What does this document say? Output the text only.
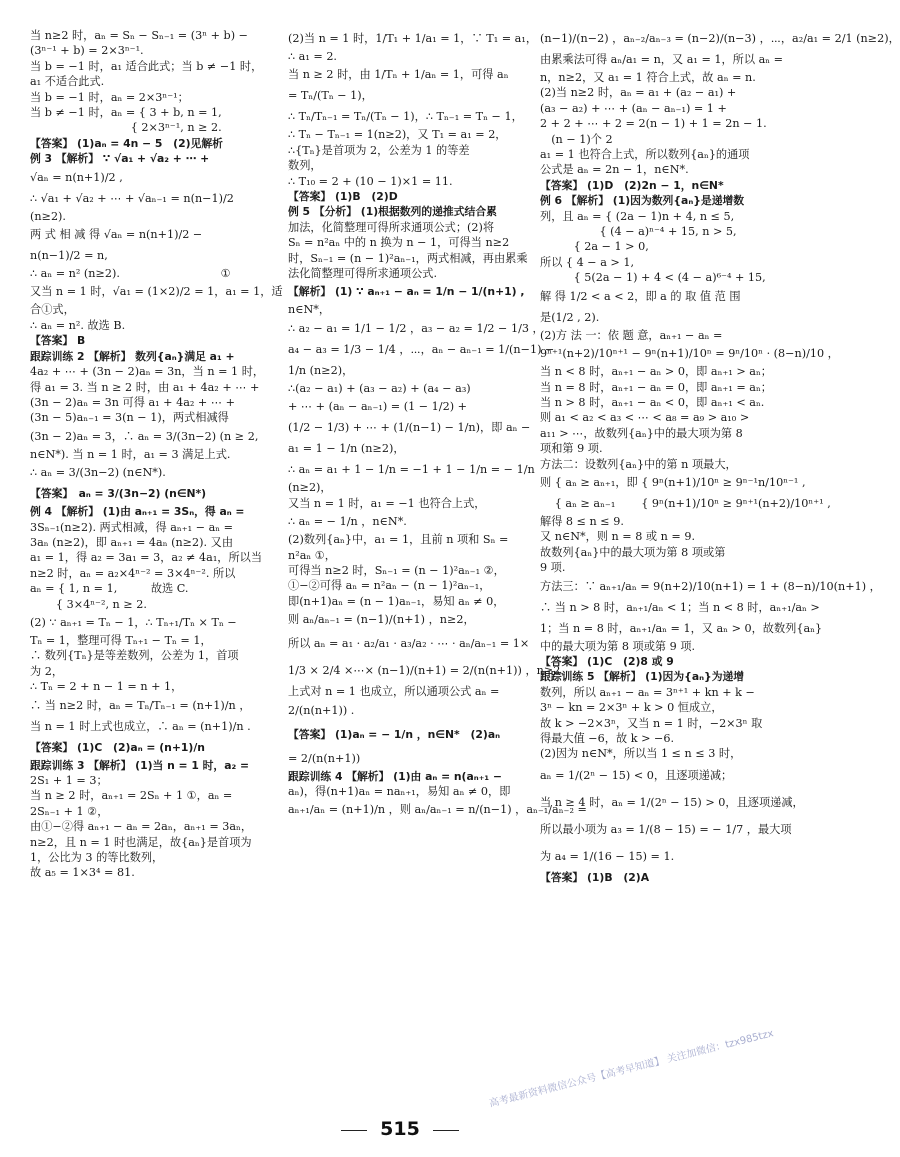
当 n≥2 时，aₙ = Sₙ − Sₙ₋₁ = (3ⁿ + b) −
(3ⁿ⁻¹ + b) = 2×3ⁿ⁻¹.
当 b = −1 时，a₁ 适合此式；当 b ≠ −1 时，
a₁ 不适合此式.
当 b = −1 时，aₙ = 2×3ⁿ⁻¹；
当 b ≠ −1 时，aₙ = { 3 + b, n = 1,
　　　　　　　　　{ 2×3ⁿ⁻¹, n ≥ 2.
【答案】 (1)aₙ = 4n − 5　(2)见解析
例 3 【解析】 ∵ √a₁ + √a₂ + ⋯ +
√aₙ = n(n+1)/2 ,
∴ √a₁ + √a₂ + ⋯ + √aₙ₋₁ = n(n−1)/2
(n≥2).
两 式 相 减 得 √aₙ = n(n+1)/2 −
n(n−1)/2 = n,
∴ aₙ = n² (n≥2).　　　　　　　　　①
又当 n = 1 时，√a₁ = (1×2)/2 = 1，a₁ = 1，适
合①式，
∴ aₙ = n². 故选 B.
【答案】 B
跟踪训练 2 【解析】 数列{aₙ}满足 a₁ +
4a₂ + ⋯ + (3n − 2)aₙ = 3n，当 n = 1 时，
得 a₁ = 3. 当 n ≥ 2 时，由 a₁ + 4a₂ + ⋯ +
(3n − 2)aₙ = 3n 可得 a₁ + 4a₂ + ⋯ +
(3n − 5)aₙ₋₁ = 3(n − 1)，两式相减得
(3n − 2)aₙ = 3，∴ aₙ = 3/(3n−2) (n ≥ 2,
n∈N*). 当 n = 1 时，a₁ = 3 满足上式.
∴ aₙ = 3/(3n−2) (n∈N*).
【答案】　aₙ = 3/(3n−2) (n∈N*)
例 4 【解析】 (1)由 aₙ₊₁ = 3Sₙ，得 aₙ =
3Sₙ₋₁(n≥2). 两式相减，得 aₙ₊₁ − aₙ =
3aₙ (n≥2)，即 aₙ₊₁ = 4aₙ (n≥2). 又由
a₁ = 1，得 a₂ = 3a₁ = 3，a₂ ≠ 4a₁，所以当
n≥2 时，aₙ = a₂×4ⁿ⁻² = 3×4ⁿ⁻². 所以
aₙ = { 1, n = 1,　　　故选 C.
　　 { 3×4ⁿ⁻², n ≥ 2.
(2) ∵ aₙ₊₁ = Tₙ − 1，∴ Tₙ₊₁/Tₙ × Tₙ −
Tₙ = 1，整理可得 Tₙ₊₁ − Tₙ = 1，
∴ 数列{Tₙ}是等差数列，公差为 1，首项
为 2，
∴ Tₙ = 2 + n − 1 = n + 1，
∴ 当 n≥2 时，aₙ = Tₙ/Tₙ₋₁ = (n+1)/n ，
当 n = 1 时上式也成立，∴ aₙ = (n+1)/n .
【答案】 (1)C　(2)aₙ = (n+1)/n
跟踪训练 3 【解析】 (1)当 n = 1 时，a₂ =
2S₁ + 1 = 3；
当 n ≥ 2 时，aₙ₊₁ = 2Sₙ + 1 ①，aₙ =
2Sₙ₋₁ + 1 ②，
由①−②得 aₙ₊₁ − aₙ = 2aₙ，aₙ₊₁ = 3aₙ，
n≥2，且 n = 1 时也满足，故{aₙ}是首项为
1，公比为 3 的等比数列，
故 a₅ = 1×3⁴ = 81.
(2)当 n = 1 时，1/T₁ + 1/a₁ = 1，∵ T₁ = a₁，
∴ a₁ = 2.
当 n ≥ 2 时，由 1/Tₙ + 1/aₙ = 1，可得 aₙ
= Tₙ/(Tₙ − 1)，
∴ Tₙ/Tₙ₋₁ = Tₙ/(Tₙ − 1)，∴ Tₙ₋₁ = Tₙ − 1，
∴ Tₙ − Tₙ₋₁ = 1(n≥2)，又 T₁ = a₁ = 2，
∴{Tₙ}是首项为 2，公差为 1 的等差
数列，
∴ T₁₀ = 2 + (10 − 1)×1 = 11.
【答案】 (1)B　(2)D
例 5 【分析】 (1)根据数列的递推式结合累
加法，化简整理可得所求通项公式；(2)将
Sₙ = n²aₙ 中的 n 换为 n − 1，可得当 n≥2
时，Sₙ₋₁ = (n − 1)²aₙ₋₁，两式相减，再由累乘
法化简整理可得所求通项公式.
【解析】 (1) ∵ aₙ₊₁ − aₙ = 1/n − 1/(n+1) ,
n∈N*，
∴ a₂ − a₁ = 1/1 − 1/2 ，a₃ − a₂ = 1/2 − 1/3 ，
a₄ − a₃ = 1/3 − 1/4 ，⋯，aₙ − aₙ₋₁ = 1/(n−1) −
1/n (n≥2)，
∴(a₂ − a₁) + (a₃ − a₂) + (a₄ − a₃)
+ ⋯ + (aₙ − aₙ₋₁) = (1 − 1/2) +
(1/2 − 1/3) + ⋯ + (1/(n−1) − 1/n)，即 aₙ −
a₁ = 1 − 1/n (n≥2)，
∴ aₙ = a₁ + 1 − 1/n = −1 + 1 − 1/n = − 1/n
(n≥2)，
又当 n = 1 时，a₁ = −1 也符合上式，
∴ aₙ = − 1/n ，n∈N*.
(2)数列{aₙ}中，a₁ = 1，且前 n 项和 Sₙ =
n²aₙ ①，
可得当 n≥2 时，Sₙ₋₁ = (n − 1)²aₙ₋₁ ②，
①−②可得 aₙ = n²aₙ − (n − 1)²aₙ₋₁，
即(n+1)aₙ = (n − 1)aₙ₋₁，易知 aₙ ≠ 0，
则 aₙ/aₙ₋₁ = (n−1)/(n+1) ，n≥2，
所以 aₙ = a₁ · a₂/a₁ · a₃/a₂ · ⋯ · aₙ/aₙ₋₁ = 1×
1/3 × 2/4 ×⋯× (n−1)/(n+1) = 2/(n(n+1)) ，n≥2，
上式对 n = 1 也成立，所以通项公式 aₙ =
2/(n(n+1)) .
【答案】 (1)aₙ = − 1/n ，n∈N*　(2)aₙ
= 2/(n(n+1))
跟踪训练 4 【解析】 (1)由 aₙ = n(aₙ₊₁ −
aₙ)，得(n+1)aₙ = naₙ₊₁，易知 aₙ ≠ 0，即
aₙ₊₁/aₙ = (n+1)/n ，则 aₙ/aₙ₋₁ = n/(n−1) ，aₙ₋₁/aₙ₋₂ =
(n−1)/(n−2) ，aₙ₋₂/aₙ₋₃ = (n−2)/(n−3) ，⋯，a₂/a₁ = 2/1 (n≥2)，
由累乘法可得 aₙ/a₁ = n，又 a₁ = 1，所以 aₙ =
n，n≥2，又 a₁ = 1 符合上式，故 aₙ = n.
(2)当 n≥2 时，aₙ = a₁ + (a₂ − a₁) +
(a₃ − a₂) + ⋯ + (aₙ − aₙ₋₁) = 1 +
2 + 2 + ⋯ + 2 = 2(n − 1) + 1 = 2n − 1.
　(n − 1)个 2
a₁ = 1 也符合上式，所以数列{aₙ}的通项
公式是 aₙ = 2n − 1，n∈N*.
【答案】 (1)D　(2)2n − 1，n∈N*
例 6 【解析】 (1)因为数列{aₙ}是递增数
列，且 aₙ = { (2a − 1)n + 4, n ≤ 5,
　　　　　 { (4 − a)ⁿ⁻⁴ + 15, n > 5,
　　　{ 2a − 1 > 0,
所以 { 4 − a > 1,
　　　{ 5(2a − 1) + 4 < (4 − a)⁶⁻⁴ + 15,
解 得 1/2 < a < 2，即 a 的 取 值 范 围
是(1/2 , 2).
(2)方 法 一：依 题 意，aₙ₊₁ − aₙ =
9ⁿ⁺¹(n+2)/10ⁿ⁺¹ − 9ⁿ(n+1)/10ⁿ = 9ⁿ/10ⁿ · (8−n)/10 ，
当 n < 8 时，aₙ₊₁ − aₙ > 0，即 aₙ₊₁ > aₙ；
当 n = 8 时，aₙ₊₁ − aₙ = 0，即 aₙ₊₁ = aₙ；
当 n > 8 时，aₙ₊₁ − aₙ < 0，即 aₙ₊₁ < aₙ.
则 a₁ < a₂ < a₃ < ⋯ < a₈ = a₉ > a₁₀ >
a₁₁ > ⋯，故数列{aₙ}中的最大项为第 8
项和第 9 项.
方法二：设数列{aₙ}中的第 n 项最大，
则 { aₙ ≥ aₙ₊₁，即 { 9ⁿ(n+1)/10ⁿ ≥ 9ⁿ⁻¹n/10ⁿ⁻¹ ,
　 { aₙ ≥ aₙ₋₁　　 { 9ⁿ(n+1)/10ⁿ ≥ 9ⁿ⁺¹(n+2)/10ⁿ⁺¹ ,
解得 8 ≤ n ≤ 9.
又 n∈N*，则 n = 8 或 n = 9.
故数列{aₙ}中的最大项为第 8 项或第
9 项.
方法三：∵ aₙ₊₁/aₙ = 9(n+2)/10(n+1) = 1 + (8−n)/10(n+1) ，
∴ 当 n > 8 时，aₙ₊₁/aₙ < 1；当 n < 8 时，aₙ₊₁/aₙ >
1；当 n = 8 时，aₙ₊₁/aₙ = 1，又 aₙ > 0，故数列{aₙ}
中的最大项为第 8 项或第 9 项.
【答案】 (1)C　(2)8 或 9
跟踪训练 5 【解析】 (1)因为{aₙ}为递增
数列，所以 aₙ₊₁ − aₙ = 3ⁿ⁺¹ + kn + k −
3ⁿ − kn = 2×3ⁿ + k > 0 恒成立，
故 k > −2×3ⁿ，又当 n = 1 时，−2×3ⁿ 取
得最大值 −6，故 k > −6.
(2)因为 n∈N*，所以当 1 ≤ n ≤ 3 时，
aₙ = 1/(2ⁿ − 15) < 0，且逐项递减；
当 n ≥ 4 时，aₙ = 1/(2ⁿ − 15) > 0，且逐项递减，
所以最小项为 a₃ = 1/(8 − 15) = − 1/7 ，最大项
为 a₄ = 1/(16 − 15) = 1.
【答案】 (1)B　(2)A
515
高考最新资料微信公众号【高考早知道】 关注加微信：tzx985tzx
